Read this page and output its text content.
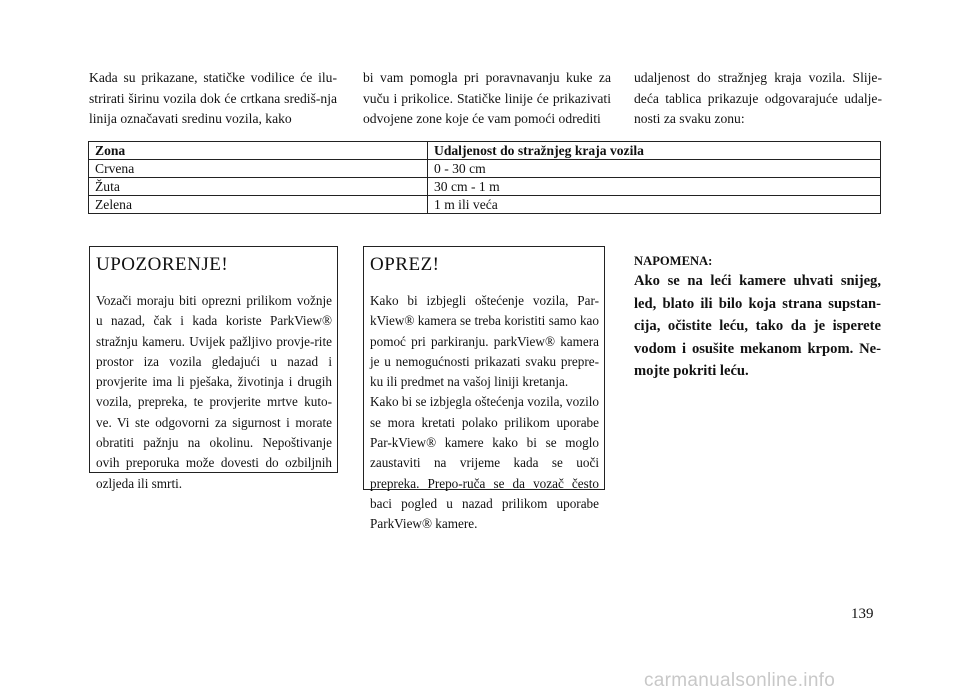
Kada su prikazane, statičke vodilice će ilu-strirati širinu vozila dok će crtkana središ-nja linija označavati sredinu vozila, kako
bi vam pomogla pri poravnavanju kuke za vuču i prikolice. Statičke linije će prikazivati odvojene zone koje će vam pomoći odrediti
udaljenost do stražnjeg kraja vozila. Slije-deća tablica prikazuje odgovarajuće udalje-nosti za svaku zonu:
Zona	Udaljenost do stražnjeg kraja vozila
Crvena	0 - 30 cm
Žuta	30 cm - 1 m
Zelena	1 m ili veća
UPOZORENJE!

Vozači moraju biti oprezni prilikom vožnje u nazad, čak i kada koriste ParkView® stražnju kameru. Uvijek pažljivo provje-rite prostor iza vozila gledajući u nazad i provjerite ima li pješaka, životinja i drugih vozila, prepreka, te provjerite mrtve kuto-ve. Vi ste odgovorni za sigurnost i morate obratiti pažnju na okolinu. Nepoštivanje ovih preporuka može dovesti do ozbiljnih ozljeda ili smrti.

OPREZ!

Kako bi izbjegli oštećenje vozila, Par-kView® kamera se treba koristiti samo kao pomoć pri parkiranju. parkView® kamera je u nemogućnosti prikazati svaku prepre-ku ili predmet na vašoj liniji kretanja.

Kako bi se izbjegla oštećenja vozila, vozilo se mora kretati polako prilikom uporabe Par-kView® kamere kako bi se moglo zaustaviti na vrijeme kada se uoči prepreka. Prepo-ruča se da vozač često baci pogled u nazad prilikom uporabe ParkView® kamere.

NAPOMENA:
Ako se na leći kamere uhvati snijeg, led, blato ili bilo koja strana supstan-cija, očistite leću, tako da je isperete vodom i osušite mekanom krpom. Ne-mojte pokriti leću.
139
carmanualsonline.info
